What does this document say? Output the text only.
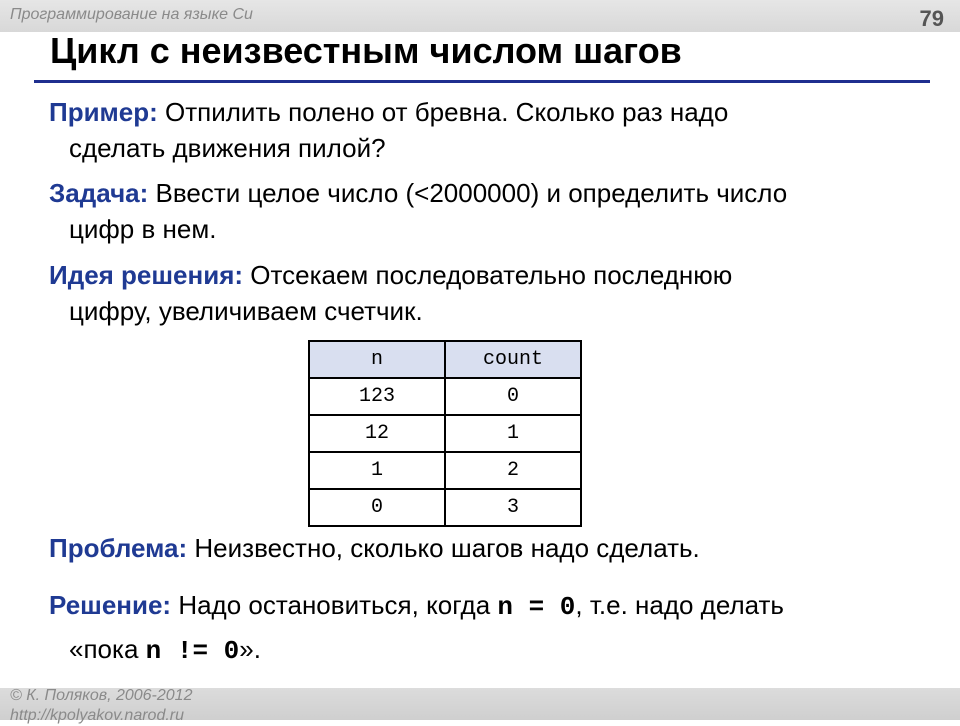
Программирование на языке Си	79
Цикл с неизвестным числом шагов
Пример: Отпилить полено от бревна. Сколько раз надо
сделать движения пилой?
Задача: Ввести целое число (<2000000) и определить число
цифр в нем.
Идея решения: Отсекаем последовательно последнюю
цифру, увеличиваем счетчик.
n	count
123	0
12	1
1	2
0	3
Проблема: Неизвестно, сколько шагов надо сделать.
Решение: Надо остановиться, когда n = 0, т.е. надо делать
«пока n != 0».
© К. Поляков, 2006-2012
http://kpolyakov.narod.ru
